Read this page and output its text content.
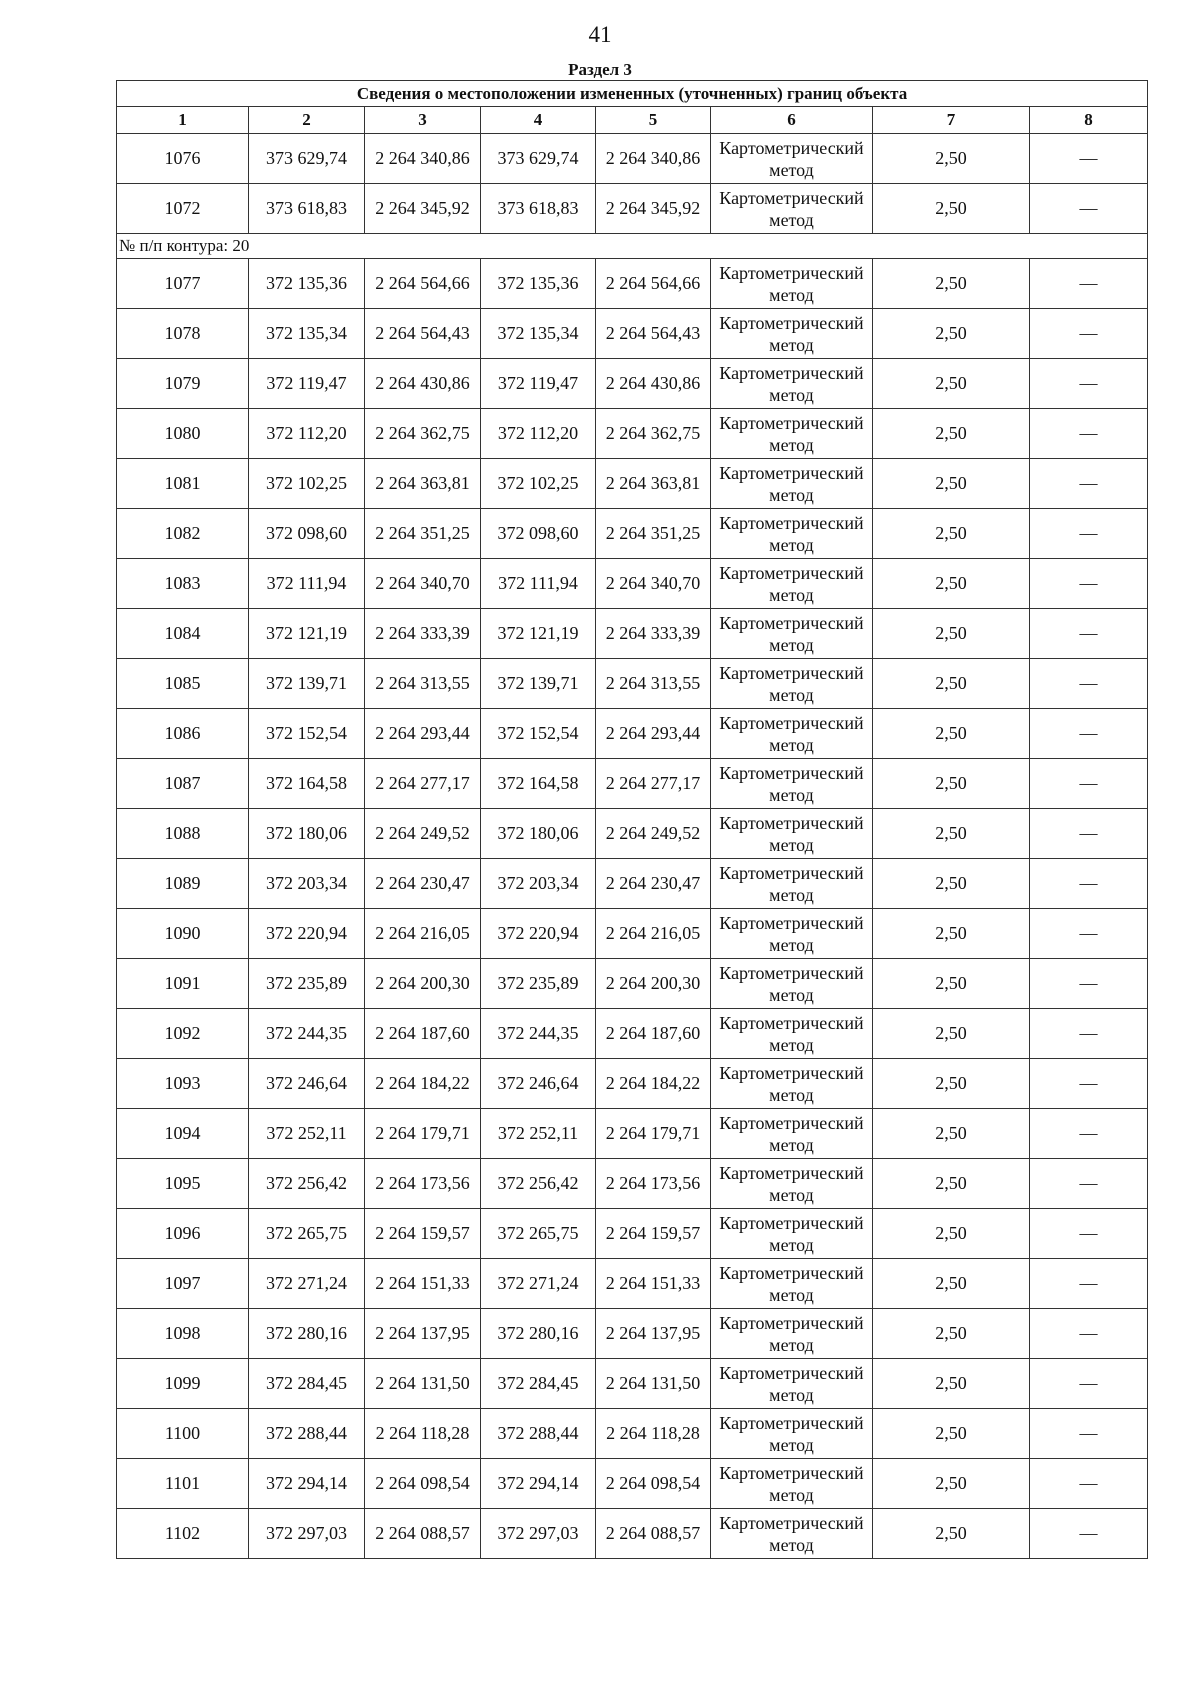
41
Раздел 3
Сведения о местоположении измененных (уточненных) границ объекта							
1	2	3	4	5	6	7	8
1076	373 629,74	2 264 340,86	373 629,74	2 264 340,86	Картометрический метод	2,50	—
1072	373 618,83	2 264 345,92	373 618,83	2 264 345,92	Картометрический метод	2,50	—
№ п/п контура: 20							
1077	372 135,36	2 264 564,66	372 135,36	2 264 564,66	Картометрический метод	2,50	—
1078	372 135,34	2 264 564,43	372 135,34	2 264 564,43	Картометрический метод	2,50	—
1079	372 119,47	2 264 430,86	372 119,47	2 264 430,86	Картометрический метод	2,50	—
1080	372 112,20	2 264 362,75	372 112,20	2 264 362,75	Картометрический метод	2,50	—
1081	372 102,25	2 264 363,81	372 102,25	2 264 363,81	Картометрический метод	2,50	—
1082	372 098,60	2 264 351,25	372 098,60	2 264 351,25	Картометрический метод	2,50	—
1083	372 111,94	2 264 340,70	372 111,94	2 264 340,70	Картометрический метод	2,50	—
1084	372 121,19	2 264 333,39	372 121,19	2 264 333,39	Картометрический метод	2,50	—
1085	372 139,71	2 264 313,55	372 139,71	2 264 313,55	Картометрический метод	2,50	—
1086	372 152,54	2 264 293,44	372 152,54	2 264 293,44	Картометрический метод	2,50	—
1087	372 164,58	2 264 277,17	372 164,58	2 264 277,17	Картометрический метод	2,50	—
1088	372 180,06	2 264 249,52	372 180,06	2 264 249,52	Картометрический метод	2,50	—
1089	372 203,34	2 264 230,47	372 203,34	2 264 230,47	Картометрический метод	2,50	—
1090	372 220,94	2 264 216,05	372 220,94	2 264 216,05	Картометрический метод	2,50	—
1091	372 235,89	2 264 200,30	372 235,89	2 264 200,30	Картометрический метод	2,50	—
1092	372 244,35	2 264 187,60	372 244,35	2 264 187,60	Картометрический метод	2,50	—
1093	372 246,64	2 264 184,22	372 246,64	2 264 184,22	Картометрический метод	2,50	—
1094	372 252,11	2 264 179,71	372 252,11	2 264 179,71	Картометрический метод	2,50	—
1095	372 256,42	2 264 173,56	372 256,42	2 264 173,56	Картометрический метод	2,50	—
1096	372 265,75	2 264 159,57	372 265,75	2 264 159,57	Картометрический метод	2,50	—
1097	372 271,24	2 264 151,33	372 271,24	2 264 151,33	Картометрический метод	2,50	—
1098	372 280,16	2 264 137,95	372 280,16	2 264 137,95	Картометрический метод	2,50	—
1099	372 284,45	2 264 131,50	372 284,45	2 264 131,50	Картометрический метод	2,50	—
1100	372 288,44	2 264 118,28	372 288,44	2 264 118,28	Картометрический метод	2,50	—
1101	372 294,14	2 264 098,54	372 294,14	2 264 098,54	Картометрический метод	2,50	—
1102	372 297,03	2 264 088,57	372 297,03	2 264 088,57	Картометрический метод	2,50	—
